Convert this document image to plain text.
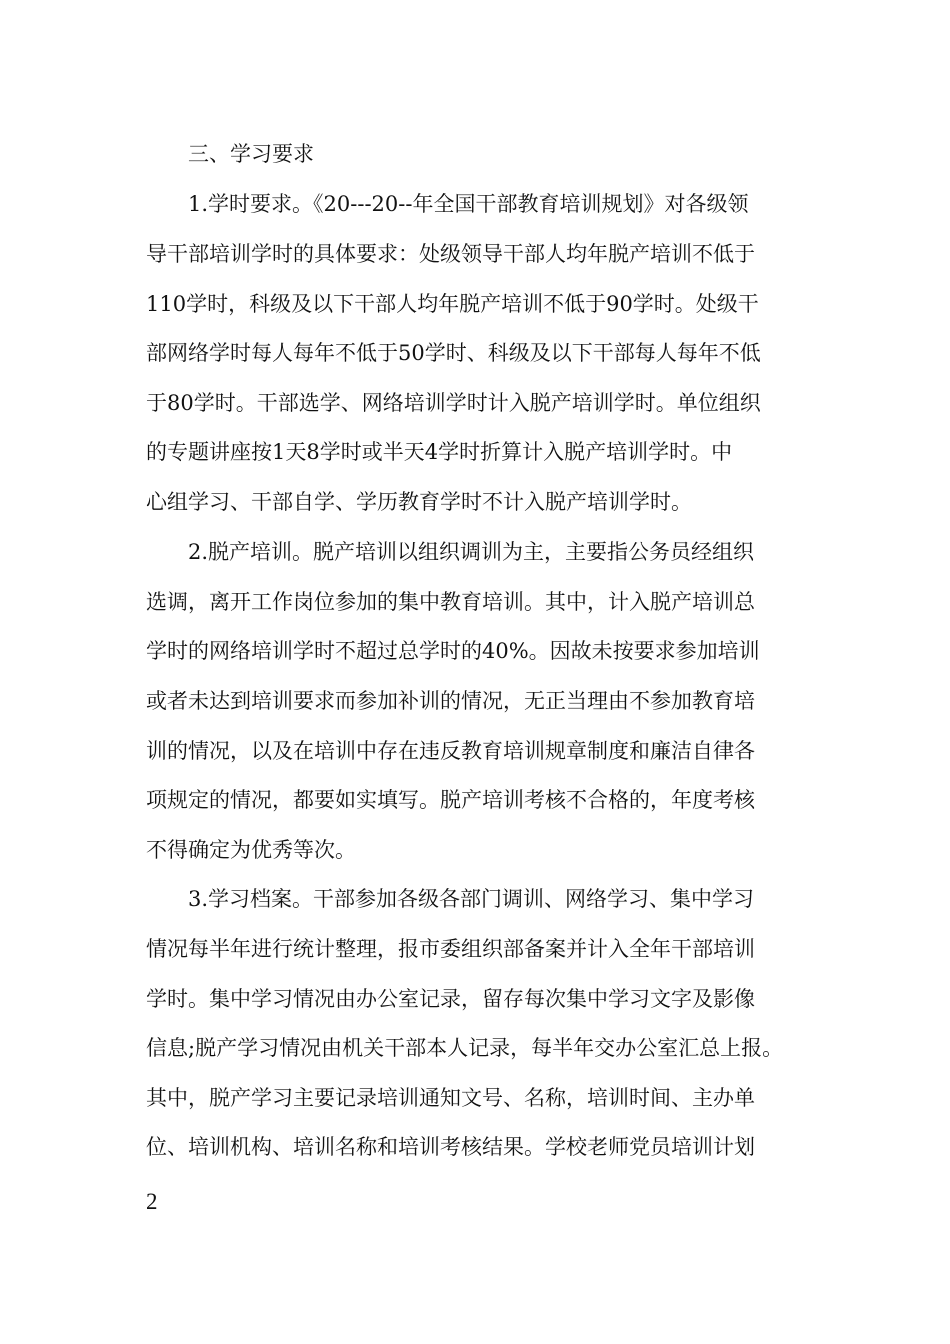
三、学习要求
1.学时要求。《20---20--年全国干部教育培训规划》对各级领
导干部培训学时的具体要求：处级领导干部人均年脱产培训不低于
110学时，科级及以下干部人均年脱产培训不低于90学时。处级干
部网络学时每人每年不低于50学时、科级及以下干部每人每年不低
于80学时。干部选学、网络培训学时计入脱产培训学时。单位组织
的专题讲座按1天8学时或半天4学时折算计入脱产培训学时。中
心组学习、干部自学、学历教育学时不计入脱产培训学时。
2.脱产培训。脱产培训以组织调训为主，主要指公务员经组织
选调，离开工作岗位参加的集中教育培训。其中，计入脱产培训总
学时的网络培训学时不超过总学时的40%。因故未按要求参加培训
或者未达到培训要求而参加补训的情况，无正当理由不参加教育培
训的情况，以及在培训中存在违反教育培训规章制度和廉洁自律各
项规定的情况，都要如实填写。脱产培训考核不合格的，年度考核
不得确定为优秀等次。
3.学习档案。干部参加各级各部门调训、网络学习、集中学习
情况每半年进行统计整理，报市委组织部备案并计入全年干部培训
学时。集中学习情况由办公室记录，留存每次集中学习文字及影像
信息;脱产学习情况由机关干部本人记录，每半年交办公室汇总上报。
其中，脱产学习主要记录培训通知文号、名称，培训时间、主办单
位、培训机构、培训名称和培训考核结果。学校老师党员培训计划
2
